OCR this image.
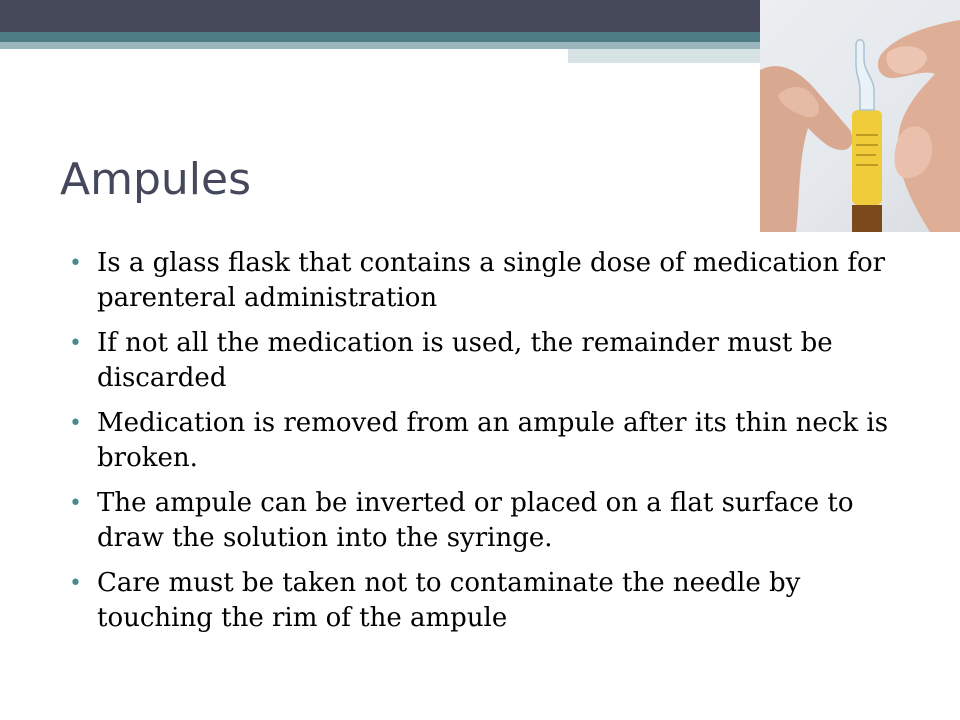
Ampules
• Is a glass flask that contains a single dose of medication for parenteral administration
• If not all the medication is used, the remainder must be discarded
• Medication is removed from an ampule after its thin neck is broken.
• The ampule can be inverted or placed on a flat surface to draw the solution into the syringe.
• Care must be taken not to contaminate the needle by touching the rim of the ampule
